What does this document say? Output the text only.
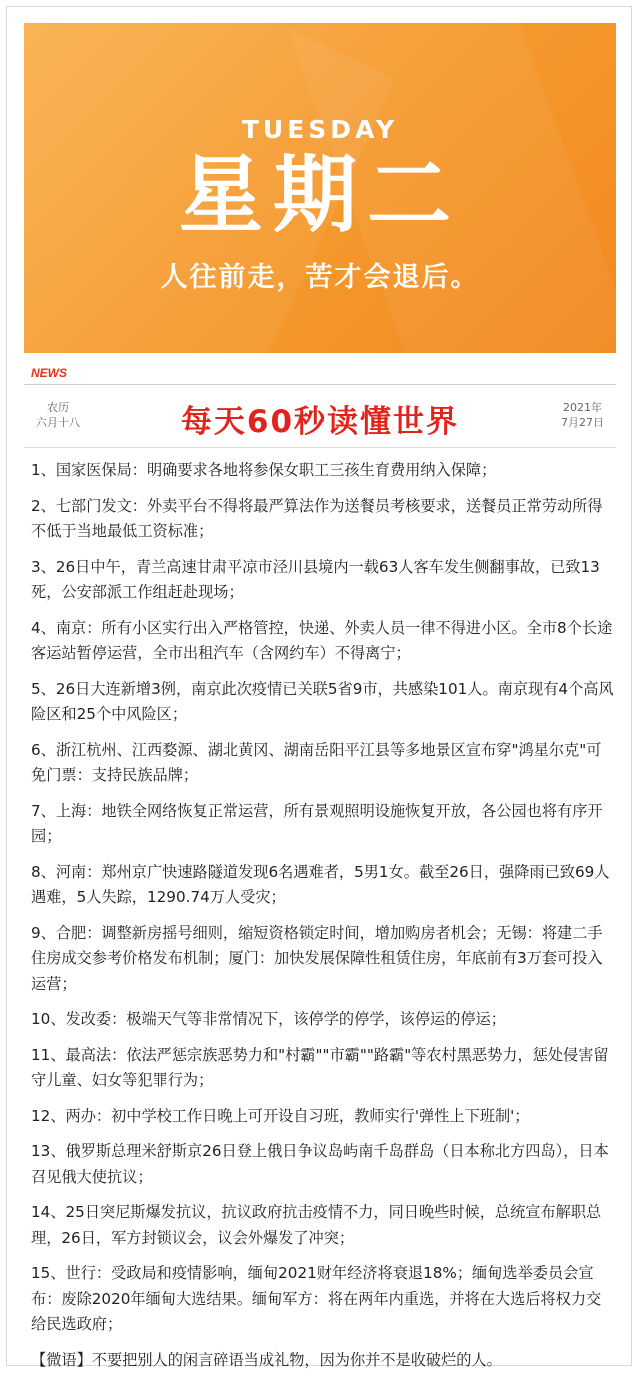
TUESDAY
星期二
人往前走，苦才会退后。
NEWS
农历
六月十八	每天60秒读懂世界	2021年
7月27日

1、国家医保局：明确要求各地将参保女职工三孩生育费用纳入保障；

2、七部门发文：外卖平台不得将最严算法作为送餐员考核要求，送餐员正常劳动所得不低于当地最低工资标准；

3、26日中午，青兰高速甘肃平凉市泾川县境内一载63人客车发生侧翻事故，已致13死，公安部派工作组赶赴现场；

4、南京：所有小区实行出入严格管控，快递、外卖人员一律不得进小区。全市8个长途客运站暂停运营，全市出租汽车（含网约车）不得离宁；

5、26日大连新增3例，南京此次疫情已关联5省9市，共感染101人。南京现有4个高风险区和25个中风险区；

6、浙江杭州、江西婺源、湖北黄冈、湖南岳阳平江县等多地景区宣布穿"鸿星尔克"可免门票：支持民族品牌；

7、上海：地铁全网络恢复正常运营，所有景观照明设施恢复开放，各公园也将有序开园；

8、河南：郑州京广快速路隧道发现6名遇难者，5男1女。截至26日，强降雨已致69人遇难，5人失踪，1290.74万人受灾；

9、合肥：调整新房摇号细则，缩短资格锁定时间，增加购房者机会；无锡：将建二手住房成交参考价格发布机制；厦门：加快发展保障性租赁住房，年底前有3万套可投入运营；

10、发改委：极端天气等非常情况下，该停学的停学，该停运的停运；

11、最高法：依法严惩宗族恶势力和"村霸""市霸""路霸"等农村黑恶势力，惩处侵害留守儿童、妇女等犯罪行为；

12、两办：初中学校工作日晚上可开设自习班，教师实行'弹性上下班制'；

13、俄罗斯总理米舒斯京26日登上俄日争议岛屿南千岛群岛（日本称北方四岛），日本召见俄大使抗议；

14、25日突尼斯爆发抗议，抗议政府抗击疫情不力，同日晚些时候，总统宣布解职总理，26日，军方封锁议会，议会外爆发了冲突；

15、世行：受政局和疫情影响，缅甸2021财年经济将衰退18%；缅甸选举委员会宣布：废除2020年缅甸大选结果。缅甸军方：将在两年内重选，并将在大选后将权力交给民选政府；

【微语】不要把别人的闲言碎语当成礼物，因为你并不是收破烂的人。
